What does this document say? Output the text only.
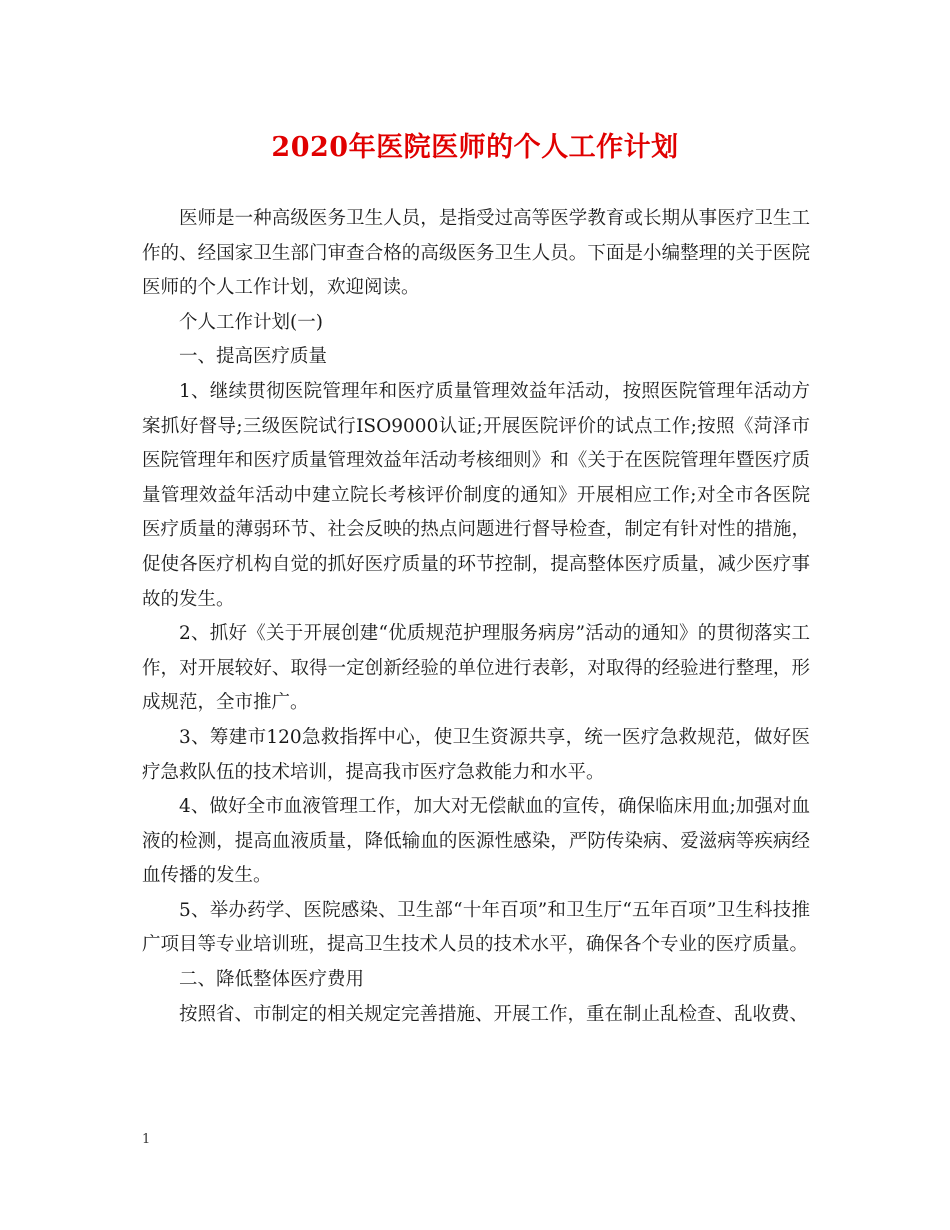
2020年医院医师的个人工作计划

医师是一种高级医务卫生人员，是指受过高等医学教育或长期从事医疗卫生工作的、经国家卫生部门审查合格的高级医务卫生人员。下面是小编整理的关于医院医师的个人工作计划，欢迎阅读。

个人工作计划(一)

一、提高医疗质量

1、继续贯彻医院管理年和医疗质量管理效益年活动，按照医院管理年活动方案抓好督导;三级医院试行ISO9000认证;开展医院评价的试点工作;按照《菏泽市医院管理年和医疗质量管理效益年活动考核细则》和《关于在医院管理年暨医疗质量管理效益年活动中建立院长考核评价制度的通知》开展相应工作;对全市各医院医疗质量的薄弱环节、社会反映的热点问题进行督导检查，制定有针对性的措施，促使各医疗机构自觉的抓好医疗质量的环节控制，提高整体医疗质量，减少医疗事故的发生。

2、抓好《关于开展创建“优质规范护理服务病房”活动的通知》的贯彻落实工作，对开展较好、取得一定创新经验的单位进行表彰，对取得的经验进行整理，形成规范，全市推广。

3、筹建市120急救指挥中心，使卫生资源共享，统一医疗急救规范，做好医疗急救队伍的技术培训，提高我市医疗急救能力和水平。

4、做好全市血液管理工作，加大对无偿献血的宣传，确保临床用血;加强对血液的检测，提高血液质量，降低输血的医源性感染，严防传染病、爱滋病等疾病经血传播的发生。

5、举办药学、医院感染、卫生部“十年百项”和卫生厅“五年百项”卫生科技推广项目等专业培训班，提高卫生技术人员的技术水平，确保各个专业的医疗质量。

二、降低整体医疗费用

按照省、市制定的相关规定完善措施、开展工作，重在制止乱检查、乱收费、

1
